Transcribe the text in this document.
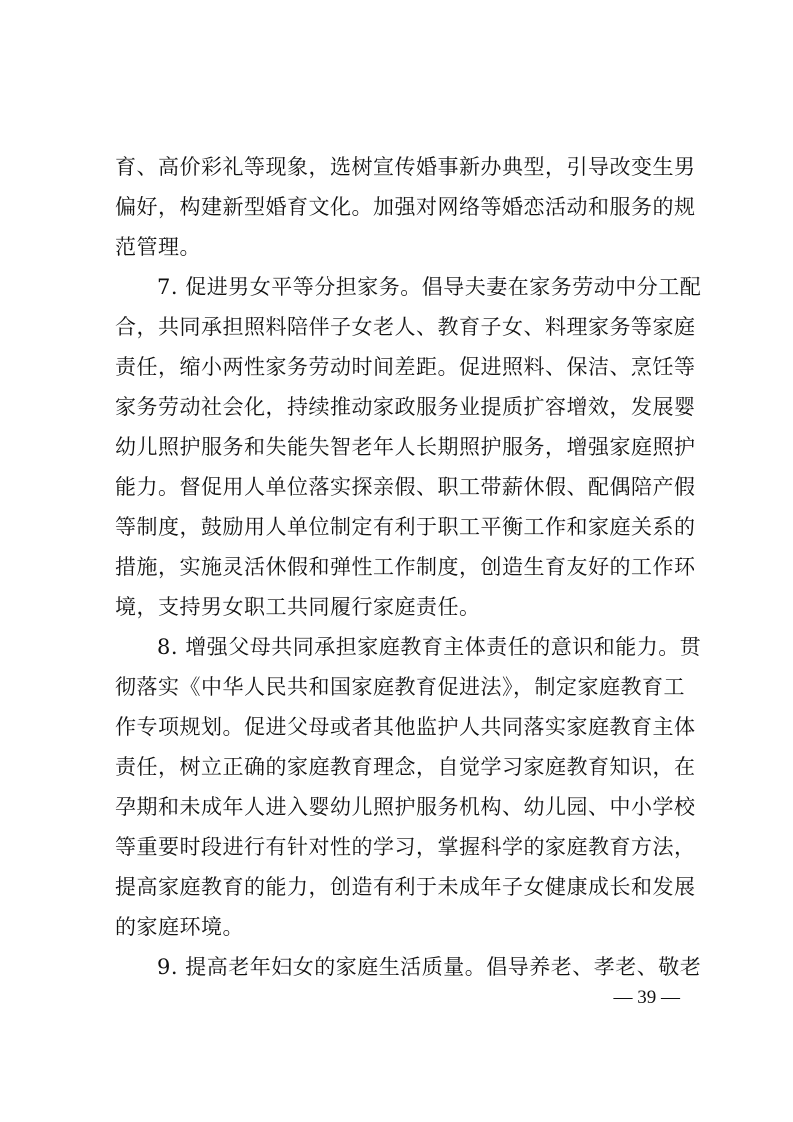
育、高价彩礼等现象，选树宣传婚事新办典型，引导改变生男
偏好，构建新型婚育文化。加强对网络等婚恋活动和服务的规
范管理。
7. 促进男女平等分担家务。倡导夫妻在家务劳动中分工配
合，共同承担照料陪伴子女老人、教育子女、料理家务等家庭
责任，缩小两性家务劳动时间差距。促进照料、保洁、烹饪等
家务劳动社会化，持续推动家政服务业提质扩容增效，发展婴
幼儿照护服务和失能失智老年人长期照护服务，增强家庭照护
能力。督促用人单位落实探亲假、职工带薪休假、配偶陪产假
等制度，鼓励用人单位制定有利于职工平衡工作和家庭关系的
措施，实施灵活休假和弹性工作制度，创造生育友好的工作环
境，支持男女职工共同履行家庭责任。
8. 增强父母共同承担家庭教育主体责任的意识和能力。贯
彻落实《中华人民共和国家庭教育促进法》，制定家庭教育工
作专项规划。促进父母或者其他监护人共同落实家庭教育主体
责任，树立正确的家庭教育理念，自觉学习家庭教育知识，在
孕期和未成年人进入婴幼儿照护服务机构、幼儿园、中小学校
等重要时段进行有针对性的学习，掌握科学的家庭教育方法，
提高家庭教育的能力，创造有利于未成年子女健康成长和发展
的家庭环境。
9. 提高老年妇女的家庭生活质量。倡导养老、孝老、敬老
— 39 —
